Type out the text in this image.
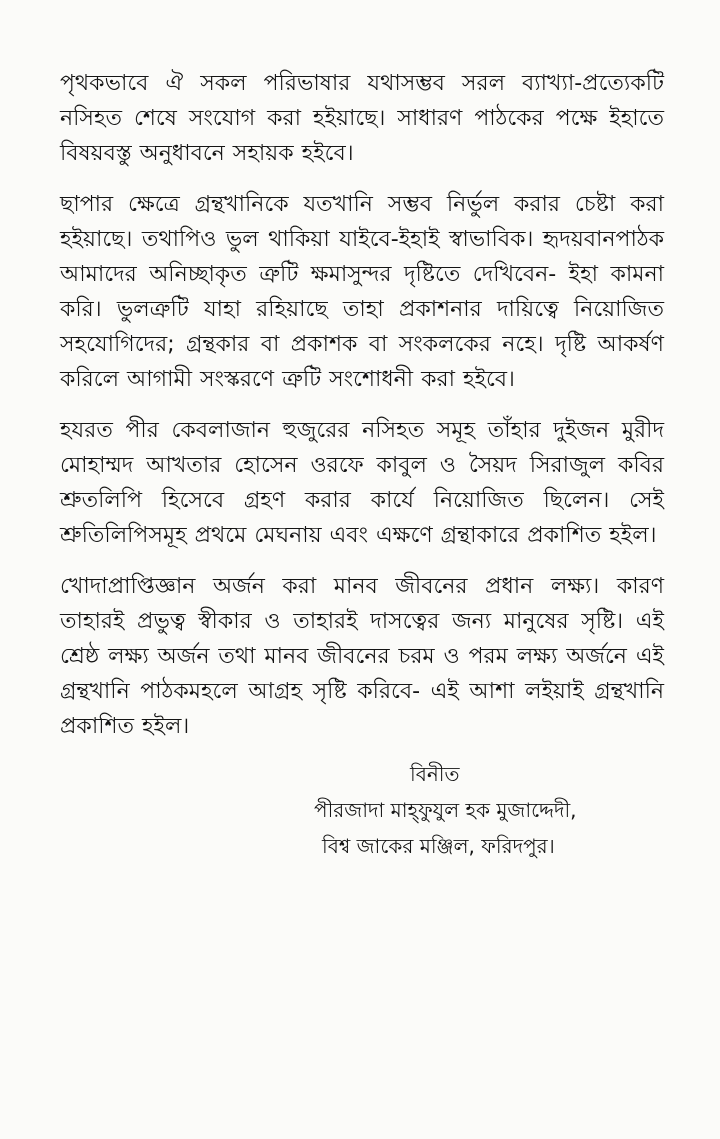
পৃথকভাবে ঐ সকল পরিভাষার যথাসম্ভব সরল ব্যাখ্যা-প্রত্যেকটি নসিহত শেষে সংযোগ করা হইয়াছে। সাধারণ পাঠকের পক্ষে ইহাতে বিষয়বস্তু অনুধাবনে সহায়ক হইবে।

ছাপার ক্ষেত্রে গ্রন্থখানিকে যতখানি সম্ভব নির্ভুল করার চেষ্টা করা হইয়াছে। তথাপিও ভুল থাকিয়া যাইবে-ইহাই স্বাভাবিক। হৃদয়বানপাঠক আমাদের অনিচ্ছাকৃত ত্রুটি ক্ষমাসুন্দর দৃষ্টিতে দেখিবেন- ইহা কামনা করি। ভুলত্রুটি যাহা রহিয়াছে তাহা প্রকাশনার দায়িত্বে নিয়োজিত সহযোগিদের; গ্রন্থকার বা প্রকাশক বা সংকলকের নহে। দৃষ্টি আকর্ষণ করিলে আগামী সংস্করণে ত্রুটি সংশোধনী করা হইবে।

হযরত পীর কেবলাজান হুজুরের নসিহত সমূহ তাঁহার দুইজন মুরীদ মোহাম্মদ আখতার হোসেন ওরফে কাবুল ও সৈয়দ সিরাজুল কবির শ্রুতলিপি হিসেবে গ্রহণ করার কার্যে নিয়োজিত ছিলেন। সেই শ্রুতিলিপিসমূহ প্রথমে মেঘনায় এবং এক্ষণে গ্রন্থাকারে প্রকাশিত হইল।

খোদাপ্রাপ্তিজ্ঞান অর্জন করা মানব জীবনের প্রধান লক্ষ্য। কারণ তাহারই প্রভুত্ব স্বীকার ও তাহারই দাসত্বের জন্য মানুষের সৃষ্টি। এই শ্রেষ্ঠ লক্ষ্য অর্জন তথা মানব জীবনের চরম ও পরম লক্ষ্য অর্জনে এই গ্রন্থখানি পাঠকমহলে আগ্রহ সৃষ্টি করিবে- এই আশা লইয়াই গ্রন্থখানি প্রকাশিত হইল।

বিনীত
পীরজাদা মাহ্‌ফুযুল হক মুজাদ্দেদী,
বিশ্ব জাকের মঞ্জিল, ফরিদপুর।
